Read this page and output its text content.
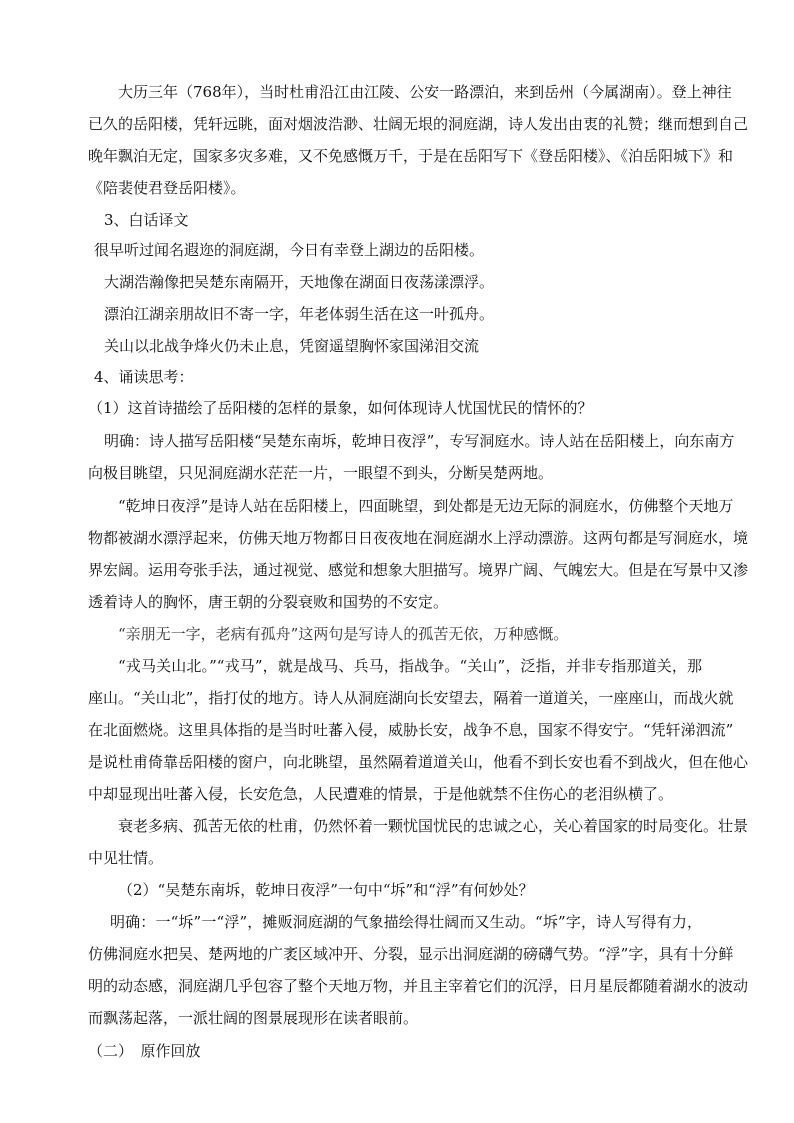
大历三年（768年），当时杜甫沿江由江陵、公安一路漂泊，来到岳州（今属湖南）。登上神往
已久的岳阳楼，凭轩远眺，面对烟波浩渺、壮阔无垠的洞庭湖，诗人发出由衷的礼赞；继而想到自己
晚年飘泊无定，国家多灾多难，又不免感慨万千，于是在岳阳写下《登岳阳楼》、《泊岳阳城下》和
《陪裴使君登岳阳楼》。
3、白话译文
很早听过闻名遐迩的洞庭湖，今日有幸登上湖边的岳阳楼。
大湖浩瀚像把吴楚东南隔开，天地像在湖面日夜荡漾漂浮。
漂泊江湖亲朋故旧不寄一字，年老体弱生活在这一叶孤舟。
关山以北战争烽火仍未止息，凭窗遥望胸怀家国涕泪交流
4、诵读思考：
（1）这首诗描绘了岳阳楼的怎样的景象，如何体现诗人忧国忧民的情怀的？
明确：诗人描写岳阳楼“吴楚东南坼，乾坤日夜浮”，专写洞庭水。诗人站在岳阳楼上，向东南方
向极目眺望，只见洞庭湖水茫茫一片，一眼望不到头，分断吴楚两地。
“乾坤日夜浮”是诗人站在岳阳楼上，四面眺望，到处都是无边无际的洞庭水，仿佛整个天地万
物都被湖水漂浮起来，仿佛天地万物都日日夜夜地在洞庭湖水上浮动漂游。这两句都是写洞庭水，境
界宏阔。运用夸张手法，通过视觉、感觉和想象大胆描写。境界广阔、气魄宏大。但是在写景中又渗
透着诗人的胸怀，唐王朝的分裂衰败和国势的不安定。
“亲朋无一字，老病有孤舟”这两句是写诗人的孤苦无依，万种感慨。
“戎马关山北。”“戎马”，就是战马、兵马，指战争。“关山”，泛指，并非专指那道关，那
座山。“关山北”，指打仗的地方。诗人从洞庭湖向长安望去，隔着一道道关，一座座山，而战火就
在北面燃烧。这里具体指的是当时吐蕃入侵，威胁长安，战争不息，国家不得安宁。“凭轩涕泗流”
是说杜甫倚靠岳阳楼的窗户，向北眺望，虽然隔着道道关山，他看不到长安也看不到战火，但在他心
中却显现出吐蕃入侵，长安危急，人民遭难的情景，于是他就禁不住伤心的老泪纵横了。
衰老多病、孤苦无依的杜甫，仍然怀着一颗忧国忧民的忠诚之心，关心着国家的时局变化。壮景
中见壮情。
（2）“吴楚东南坼，乾坤日夜浮”一句中“坼”和“浮”有何妙处？
明确：一“坼”一“浮”，摊贩洞庭湖的气象描绘得壮阔而又生动。“坼”字，诗人写得有力，
仿佛洞庭水把吴、楚两地的广袤区域冲开、分裂，显示出洞庭湖的磅礴气势。“浮”字，具有十分鲜
明的动态感，洞庭湖几乎包容了整个天地万物，并且主宰着它们的沉浮，日月星辰都随着湖水的波动
而飘荡起落，一派壮阔的图景展现形在读者眼前。
（二）　原作回放
